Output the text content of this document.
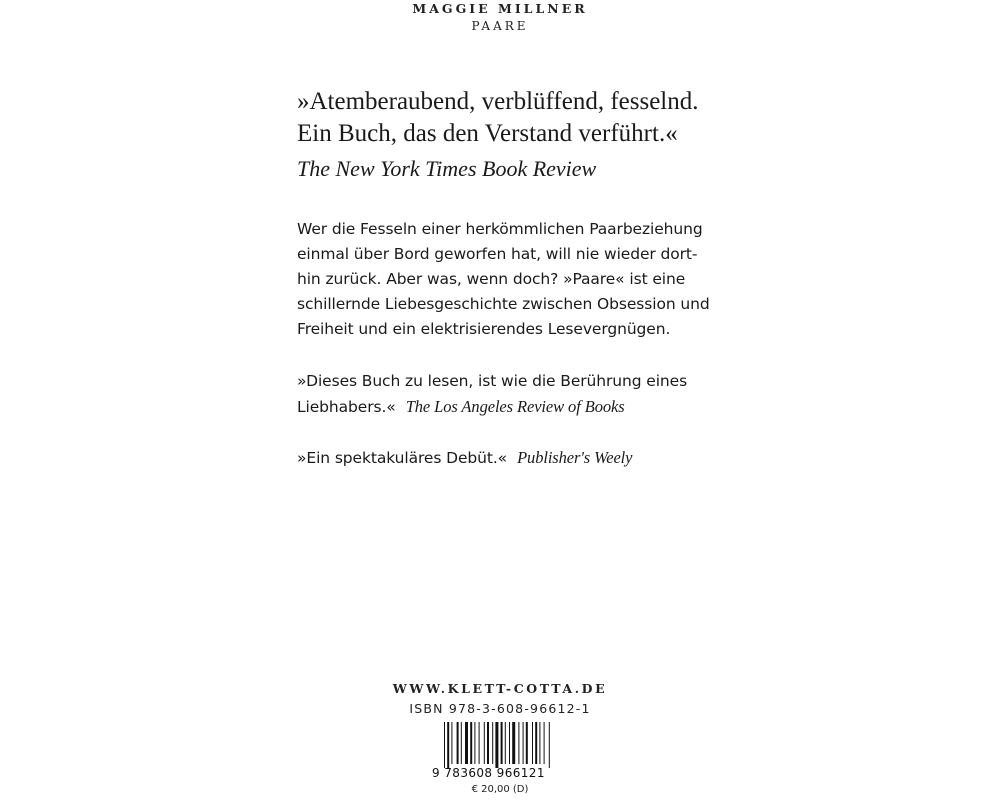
MAGGIE MILLNER
PAARE
»Atemberaubend, verblüffend, fesselnd.
Ein Buch, das den Verstand verführt.«
The New York Times Book Review
Wer die Fesseln einer herkömmlichen Paarbeziehung
einmal über Bord geworfen hat, will nie wieder dort-
hin zurück. Aber was, wenn doch? »Paare« ist eine
schillernde Liebesgeschichte zwischen Obsession und
Freiheit und ein elektrisierendes Lesevergnügen.
»Dieses Buch zu lesen, ist wie die Berührung eines
Liebhabers.« The Los Angeles Review of Books
»Ein spektakuläres Debüt.« Publisher's Weely
WWW.KLETT-COTTA.DE
ISBN 978-3-608-96612-1
9 783608 966121
€ 20,00 (D)
